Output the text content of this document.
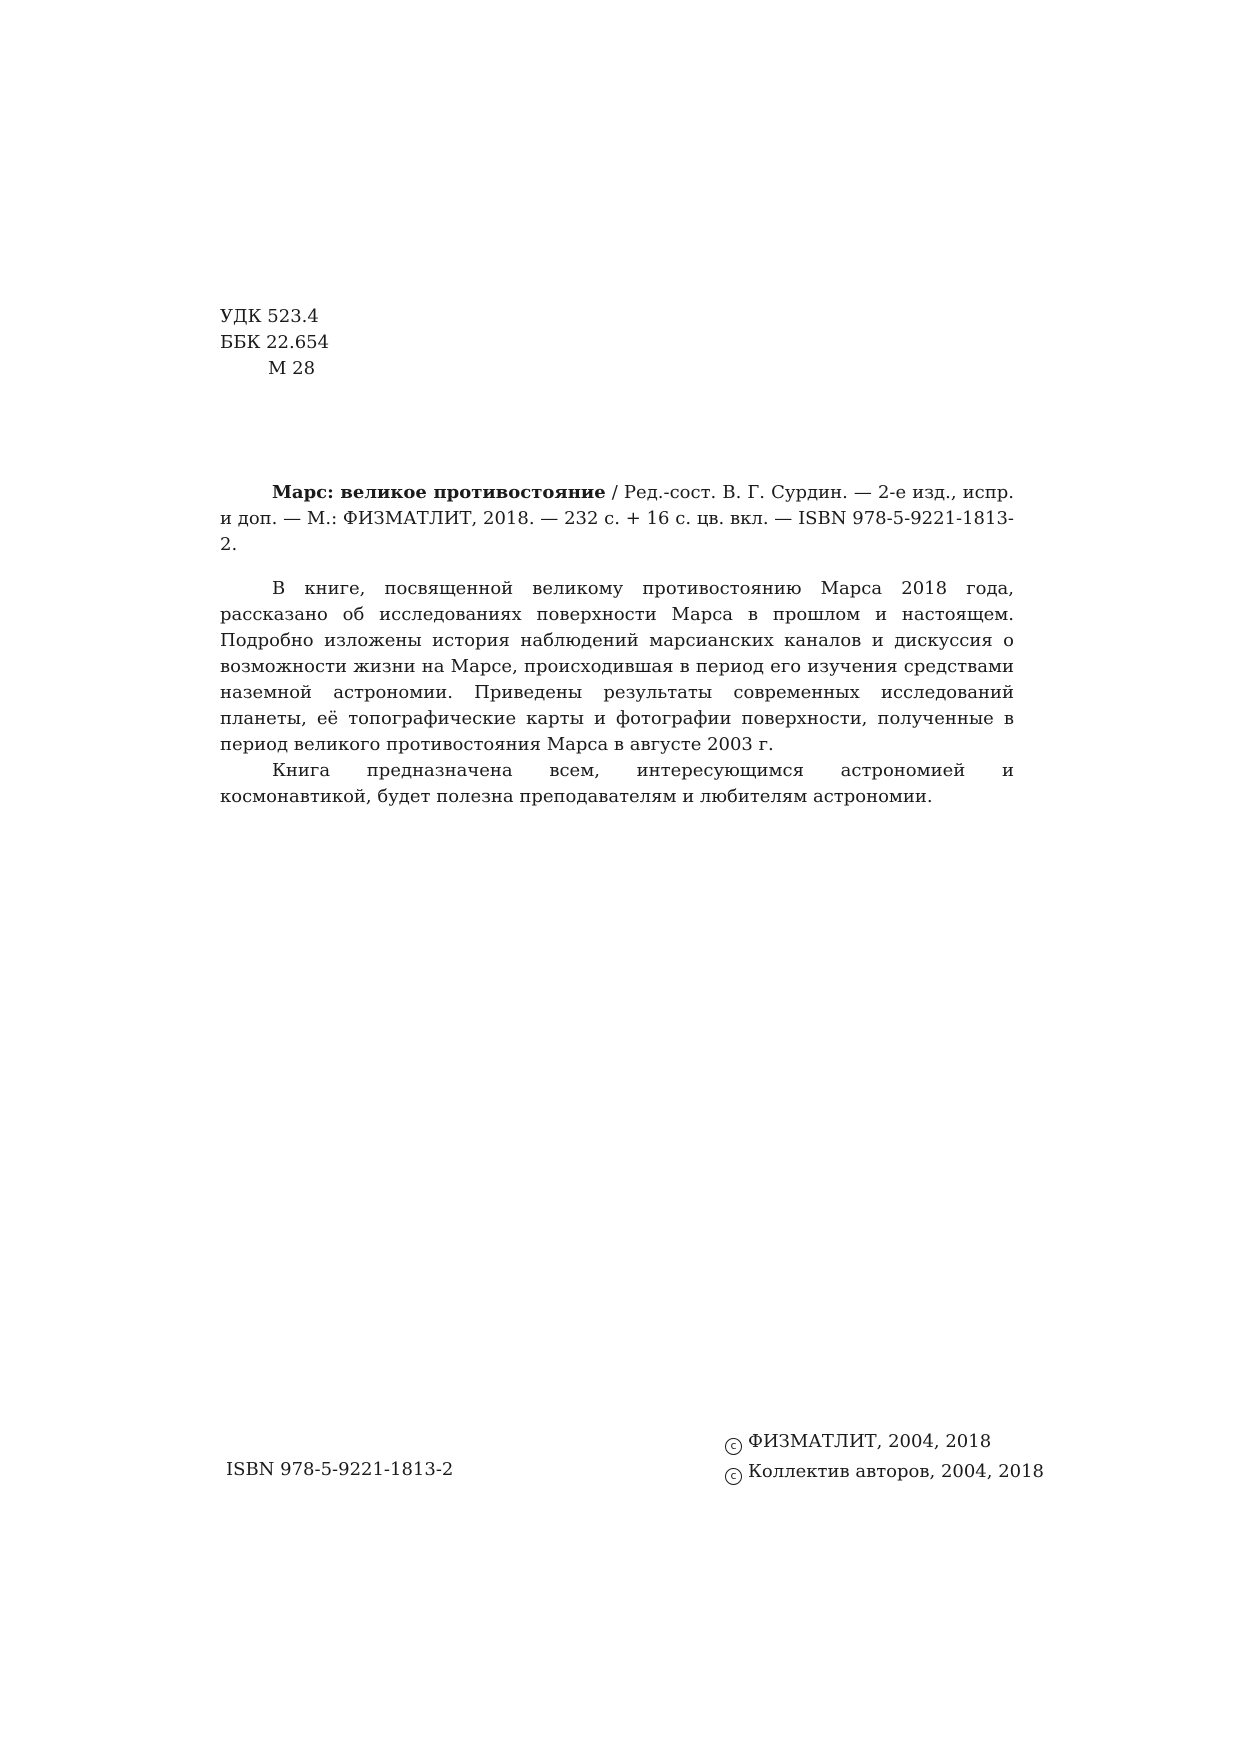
УДК 523.4
ББК 22.654
М 28

Марс: великое противостояние / Ред.-сост. В. Г. Сурдин. — 2-е изд., испр. и доп. — М.: ФИЗМАТЛИТ, 2018. — 232 с. + 16 с. цв. вкл. — ISBN 978-5-9221-1813-2.

В книге, посвященной великому противостоянию Марса 2018 года, рассказано об исследованиях поверхности Марса в прошлом и настоящем. Подробно изложены история наблюдений марсианских каналов и дискуссия о возможности жизни на Марсе, происходившая в период его изучения средствами наземной астрономии. Приведены результаты современных исследований планеты, её топографические карты и фотографии поверхности, полученные в период великого противостояния Марса в августе 2003 г.

Книга предназначена всем, интересующимся астрономией и космонавтикой, будет полезна преподавателям и любителям астрономии.

ISBN 978-5-9221-1813-2
c ФИЗМАТЛИТ, 2004, 2018
c Коллектив авторов, 2004, 2018
